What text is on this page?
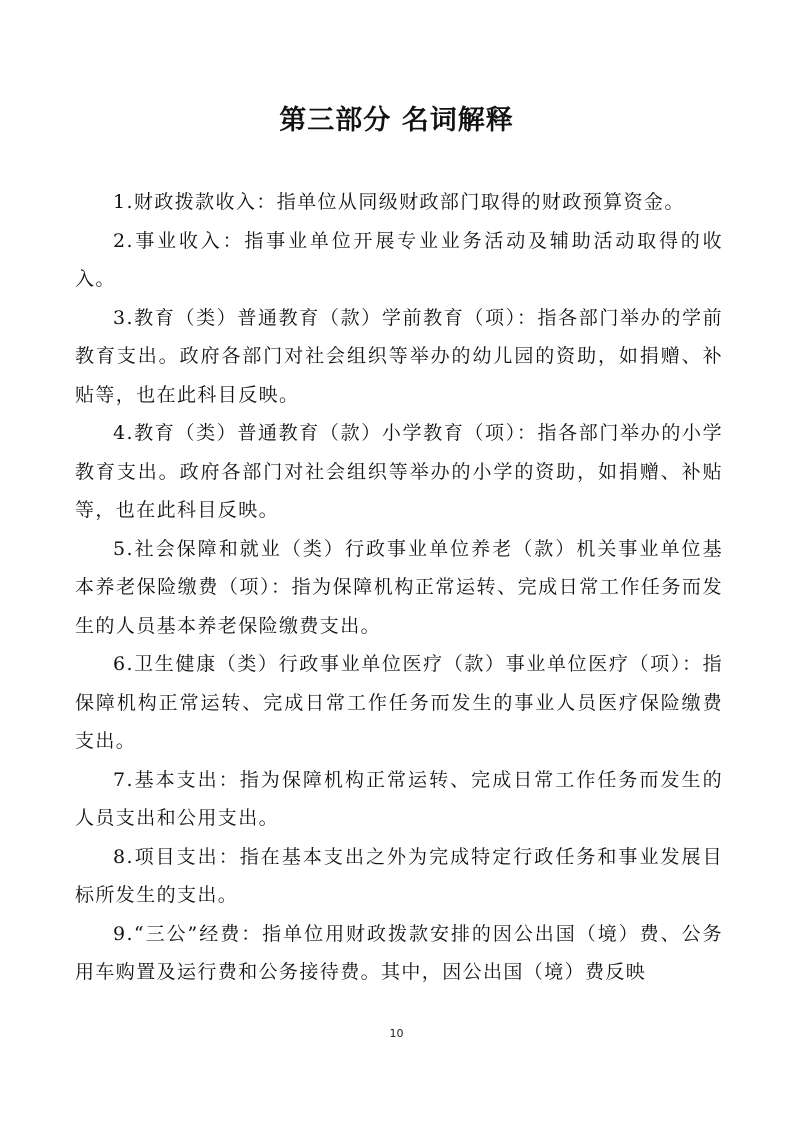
第三部分 名词解释

1.财政拨款收入：指单位从同级财政部门取得的财政预算资金。

2.事业收入：指事业单位开展专业业务活动及辅助活动取得的收入。

3.教育（类）普通教育（款）学前教育（项）：指各部门举办的学前教育支出。政府各部门对社会组织等举办的幼儿园的资助，如捐赠、补贴等，也在此科目反映。

4.教育（类）普通教育（款）小学教育（项）：指各部门举办的小学教育支出。政府各部门对社会组织等举办的小学的资助，如捐赠、补贴等，也在此科目反映。

5.社会保障和就业（类）行政事业单位养老（款）机关事业单位基本养老保险缴费（项）：指为保障机构正常运转、完成日常工作任务而发生的人员基本养老保险缴费支出。

6.卫生健康（类）行政事业单位医疗（款）事业单位医疗（项）：指保障机构正常运转、完成日常工作任务而发生的事业人员医疗保险缴费支出。

7.基本支出：指为保障机构正常运转、完成日常工作任务而发生的人员支出和公用支出。

8.项目支出：指在基本支出之外为完成特定行政任务和事业发展目标所发生的支出。

9.“三公”经费：指单位用财政拨款安排的因公出国（境）费、公务用车购置及运行费和公务接待费。其中，因公出国（境）费反映

10
